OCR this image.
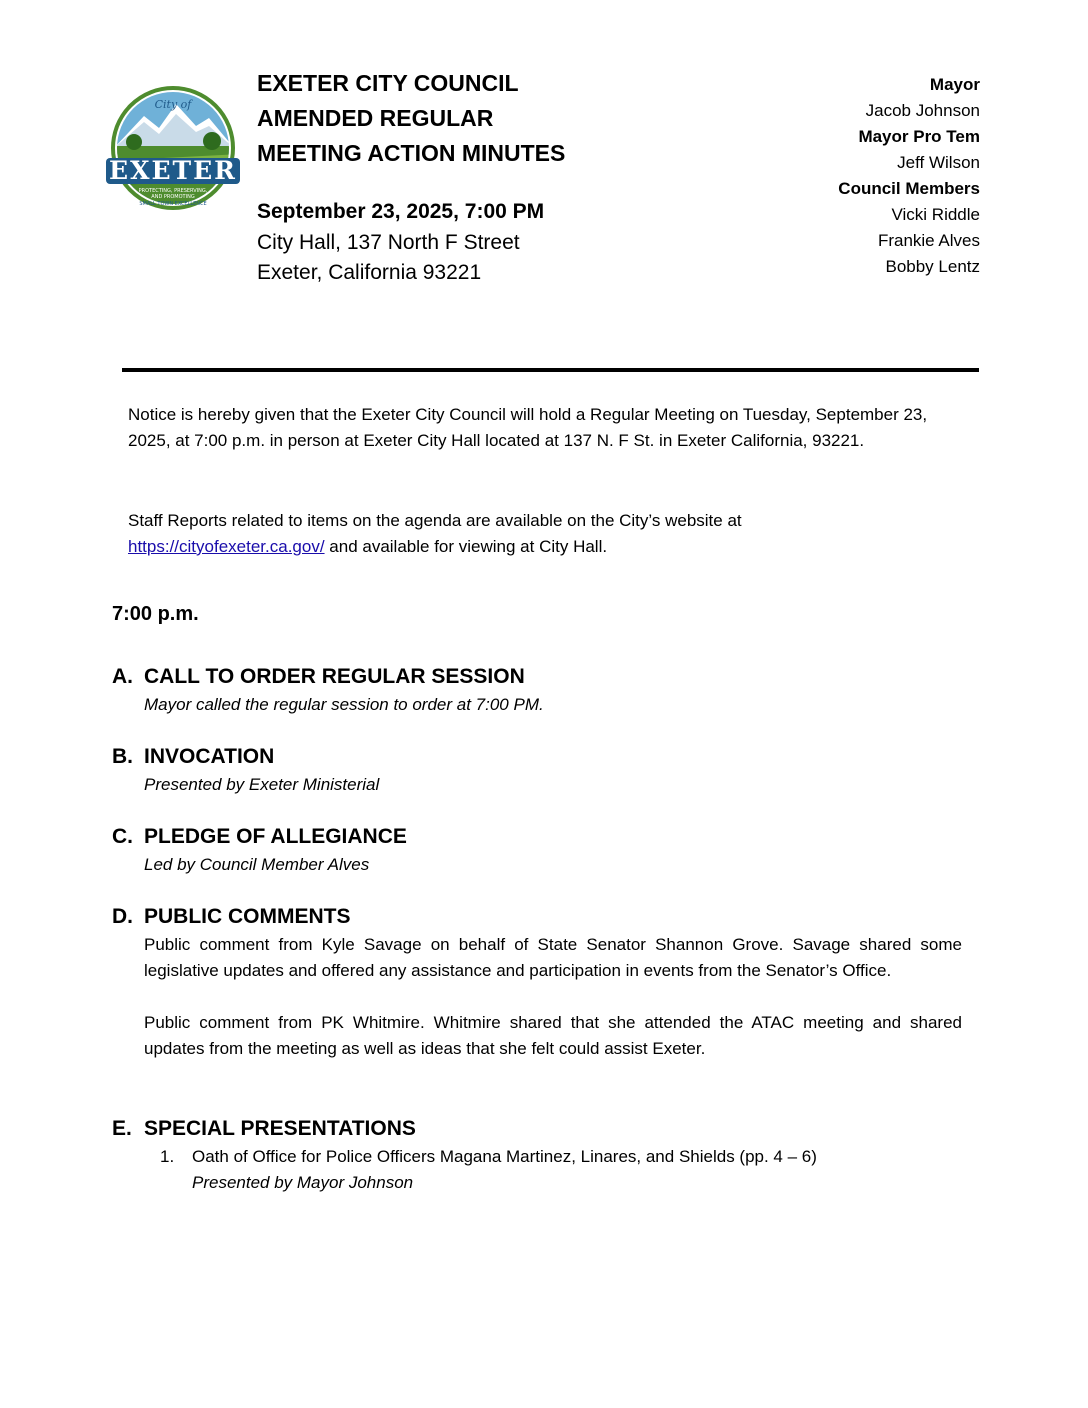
City of
EXETER
PROTECTING, PRESERVING,
AND PROMOTING
SMALL TOWN EXCELLENCE

EXETER CITY COUNCIL

AMENDED REGULAR

MEETING ACTION MINUTES

September 23, 2025, 7:00 PM
City Hall, 137 North F Street
Exeter, California 93221
Mayor
Jacob Johnson
Mayor Pro Tem
Jeff Wilson
Council Members
Vicki Riddle
Frankie Alves
Bobby Lentz
Notice is hereby given that the Exeter City Council will hold a Regular Meeting on Tuesday, September 23, 2025, at 7:00 p.m. in person at Exeter City Hall located at 137 N. F St. in Exeter California, 93221.
Staff Reports related to items on the agenda are available on the City’s website at
https://cityofexeter.ca.gov/ and available for viewing at City Hall.
7:00 p.m.
A. CALL TO ORDER REGULAR SESSION
Mayor called the regular session to order at 7:00 PM.
B. INVOCATION
Presented by Exeter Ministerial
C. PLEDGE OF ALLEGIANCE
Led by Council Member Alves
D. PUBLIC COMMENTS
Public comment from Kyle Savage on behalf of State Senator Shannon Grove. Savage shared some legislative updates and offered any assistance and participation in events from the Senator’s Office.
Public comment from PK Whitmire. Whitmire shared that she attended the ATAC meeting and shared updates from the meeting as well as ideas that she felt could assist Exeter.
E. SPECIAL PRESENTATIONS
1.	Oath of Office for Police Officers Magana Martinez, Linares, and Shields (pp. 4 – 6)
Presented by Mayor Johnson
